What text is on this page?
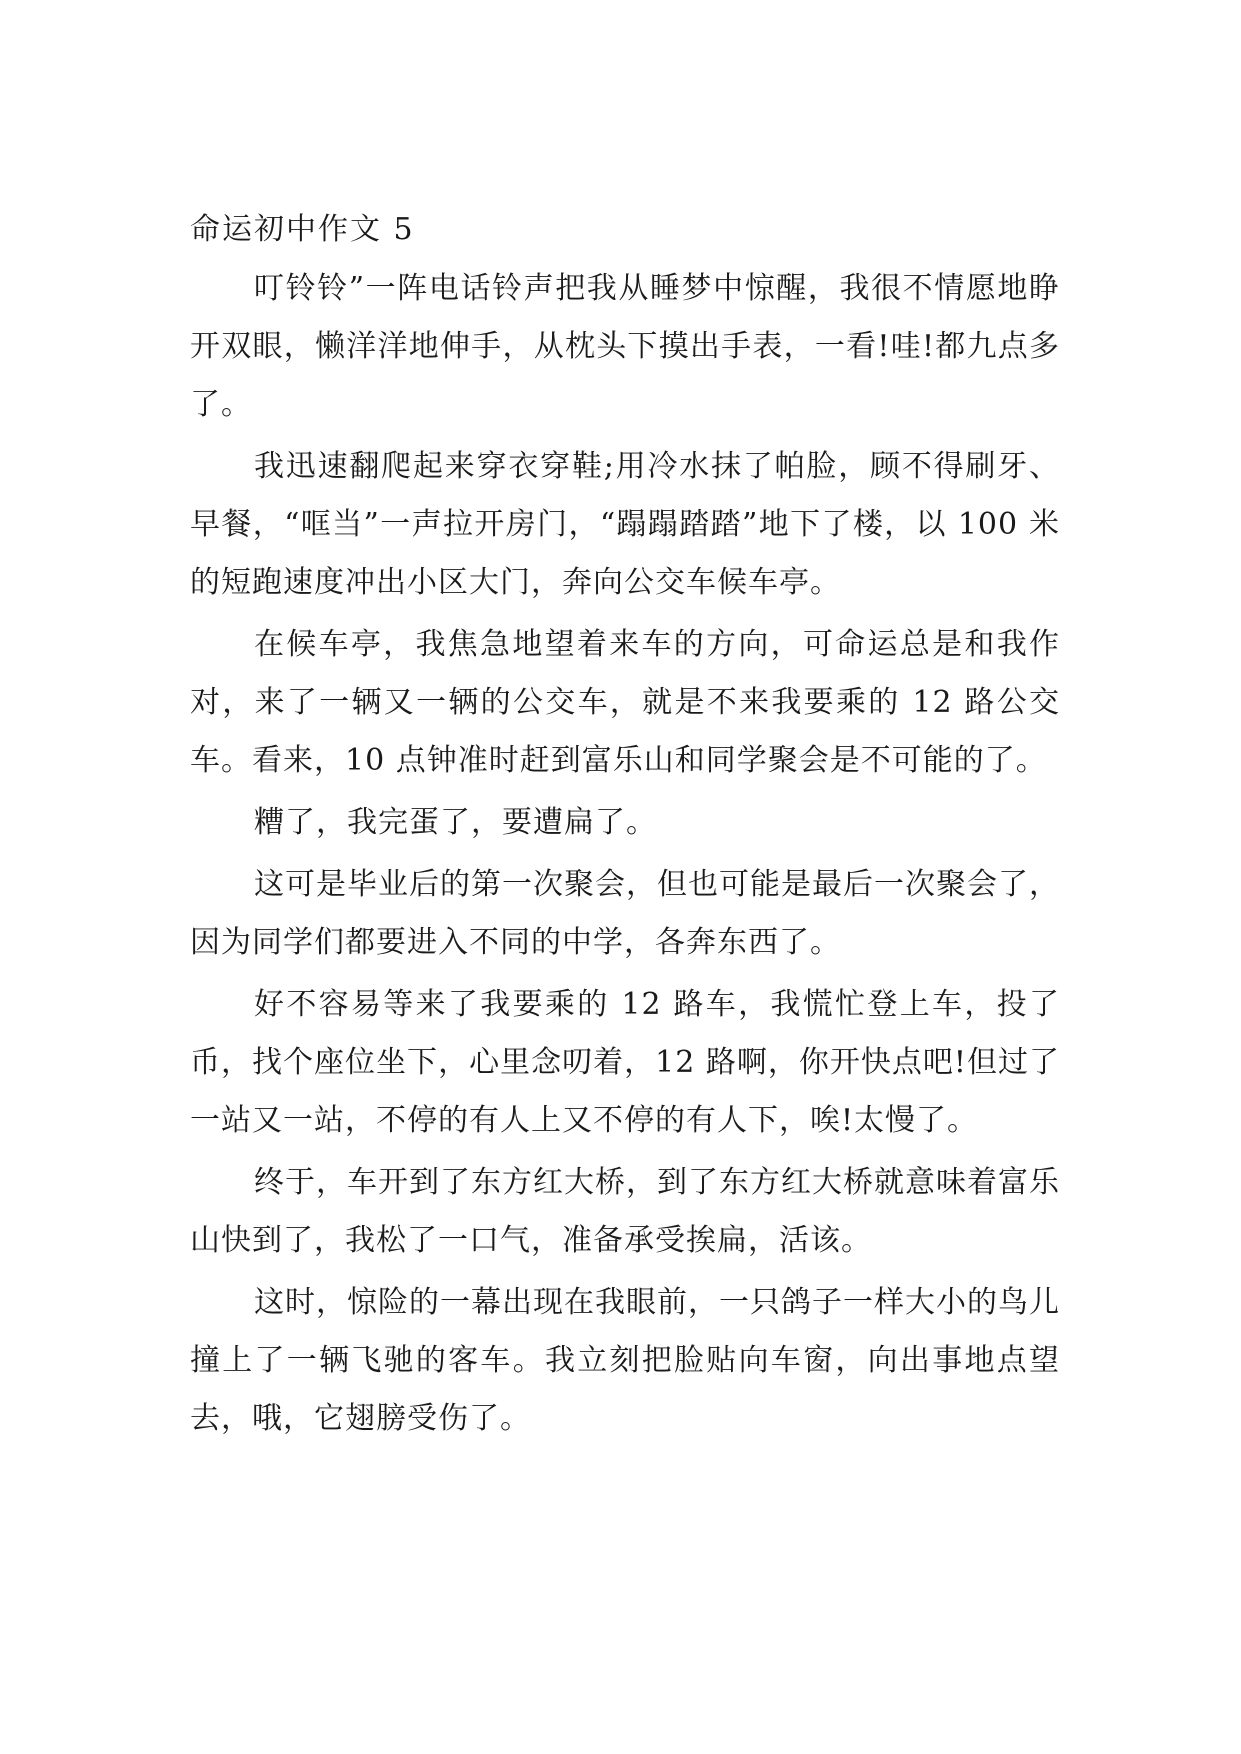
命运初中作文 5

叮铃铃”一阵电话铃声把我从睡梦中惊醒，我很不情愿地睁开双眼，懒洋洋地伸手，从枕头下摸出手表，一看!哇!都九点多了。

我迅速翻爬起来穿衣穿鞋;用冷水抹了帕脸，顾不得刷牙、早餐，“哐当”一声拉开房门，“蹋蹋踏踏”地下了楼，以 100 米的短跑速度冲出小区大门，奔向公交车候车亭。

在候车亭，我焦急地望着来车的方向，可命运总是和我作对，来了一辆又一辆的公交车，就是不来我要乘的 12 路公交车。看来，10 点钟准时赶到富乐山和同学聚会是不可能的了。

糟了，我完蛋了，要遭扁了。

这可是毕业后的第一次聚会，但也可能是最后一次聚会了，因为同学们都要进入不同的中学，各奔东西了。

好不容易等来了我要乘的 12 路车，我慌忙登上车，投了币，找个座位坐下，心里念叨着，12 路啊，你开快点吧!但过了一站又一站，不停的有人上又不停的有人下，唉!太慢了。

终于，车开到了东方红大桥，到了东方红大桥就意味着富乐山快到了，我松了一口气，准备承受挨扁，活该。

这时，惊险的一幕出现在我眼前，一只鸽子一样大小的鸟儿撞上了一辆飞驰的客车。我立刻把脸贴向车窗，向出事地点望去，哦，它翅膀受伤了。
